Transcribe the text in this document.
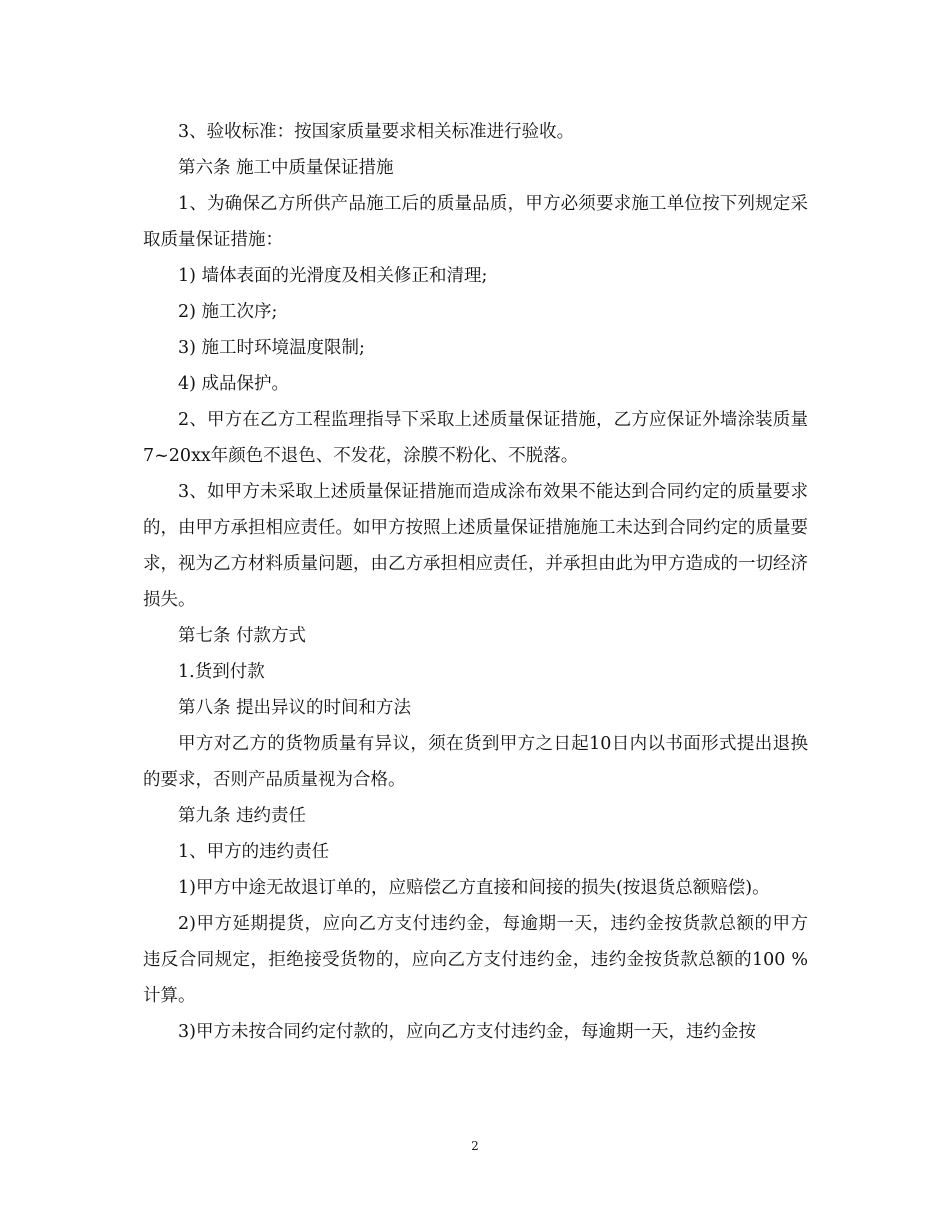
3、验收标准：按国家质量要求相关标准进行验收。

第六条 施工中质量保证措施

1、为确保乙方所供产品施工后的质量品质，甲方必须要求施工单位按下列规定采取质量保证措施：

1) 墙体表面的光滑度及相关修正和清理;

2) 施工次序;

3) 施工时环境温度限制;

4) 成品保护。

2、甲方在乙方工程监理指导下采取上述质量保证措施，乙方应保证外墙涂装质量7~20xx年颜色不退色、不发花，涂膜不粉化、不脱落。

3、如甲方未采取上述质量保证措施而造成涂布效果不能达到合同约定的质量要求的，由甲方承担相应责任。如甲方按照上述质量保证措施施工未达到合同约定的质量要求，视为乙方材料质量问题，由乙方承担相应责任，并承担由此为甲方造成的一切经济损失。

第七条 付款方式

1.货到付款

第八条 提出异议的时间和方法

甲方对乙方的货物质量有异议，须在货到甲方之日起10日内以书面形式提出退换的要求，否则产品质量视为合格。

第九条 违约责任

1、甲方的违约责任

1)甲方中途无故退订单的，应赔偿乙方直接和间接的损失(按退货总额赔偿)。

2)甲方延期提货，应向乙方支付违约金，每逾期一天，违约金按货款总额的甲方违反合同规定，拒绝接受货物的，应向乙方支付违约金，违约金按货款总额的100 %计算。

3)甲方未按合同约定付款的，应向乙方支付违约金，每逾期一天，违约金按

2
